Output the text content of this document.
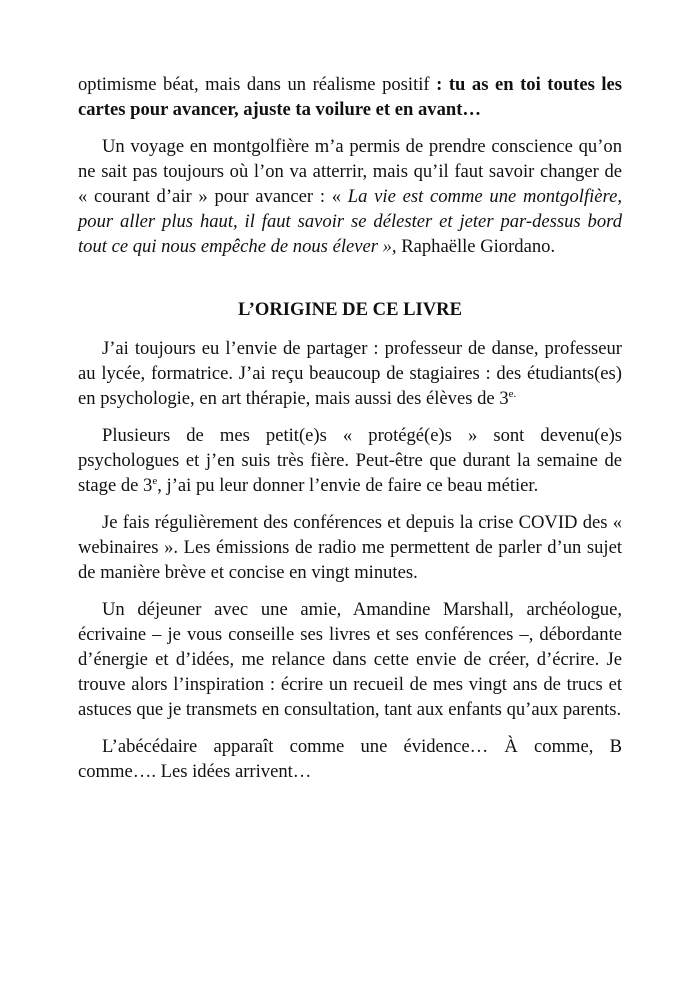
optimisme béat, mais dans un réalisme positif : tu as en toi toutes les cartes pour avancer, ajuste ta voilure et en avant…

Un voyage en montgolfière m’a permis de prendre conscience qu’on ne sait pas toujours où l’on va atterrir, mais qu’il faut savoir changer de « courant d’air » pour avancer : « La vie est comme une montgolfière, pour aller plus haut, il faut savoir se délester et jeter par-dessus bord tout ce qui nous empêche de nous élever », Raphaëlle Giordano.

L’ORIGINE DE CE LIVRE

J’ai toujours eu l’envie de partager : professeur de danse, professeur au lycée, formatrice. J’ai reçu beaucoup de stagiaires : des étudiants(es) en psychologie, en art thérapie, mais aussi des élèves de $3^{e.}$

Plusieurs de mes petit(e)s « protégé(e)s » sont devenu(e)s psychologues et j’en suis très fière. Peut-être que durant la semaine de stage de 3e, j’ai pu leur donner l’envie de faire ce beau métier.

Je fais régulièrement des conférences et depuis la crise COVID des « webinaires ». Les émissions de radio me permettent de parler d’un sujet de manière brève et concise en vingt minutes.

Un déjeuner avec une amie, Amandine Marshall, archéologue, écrivaine – je vous conseille ses livres et ses conférences –, débordante d’énergie et d’idées, me relance dans cette envie de créer, d’écrire. Je trouve alors l’inspiration : écrire un recueil de mes vingt ans de trucs et astuces que je transmets en consultation, tant aux enfants qu’aux parents.

L’abécédaire apparaît comme une évidence… À comme, B comme…. Les idées arrivent…
